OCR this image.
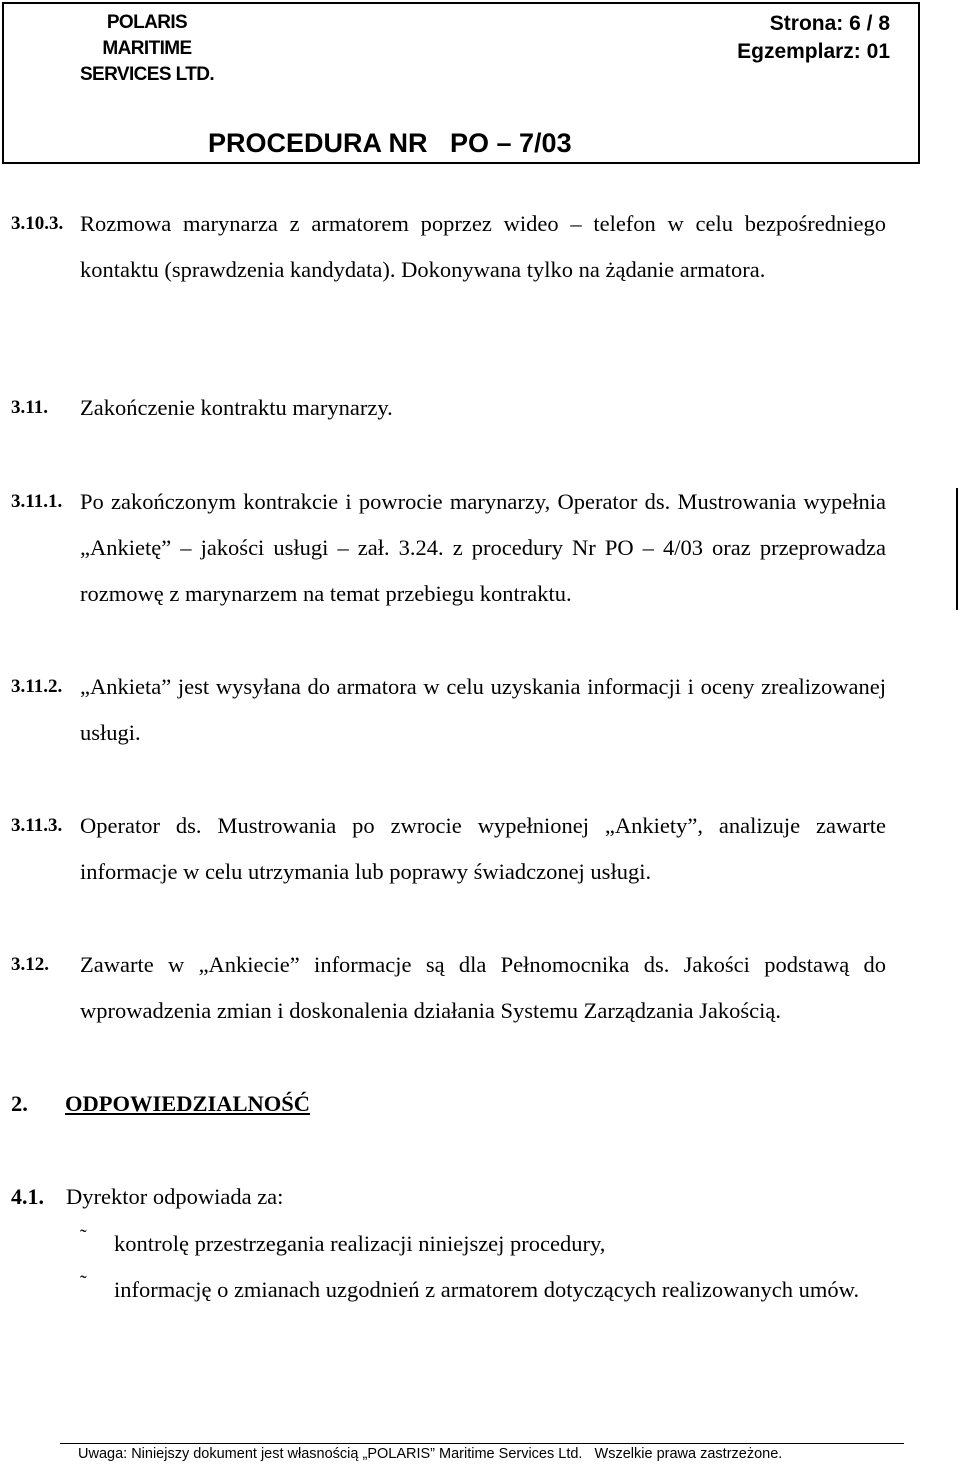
POLARIS
MARITIME
SERVICES LTD.
Strona: 6 / 8
Egzemplarz: 01
PROCEDURA NR   PO – 7/03
3.10.3. Rozmowa marynarza z armatorem poprzez wideo – telefon w celu bezpośredniego kontaktu (sprawdzenia kandydata). Dokonywana tylko na żądanie armatora.
3.11. Zakończenie kontraktu marynarzy.
3.11.1. Po zakończonym kontrakcie i powrocie marynarzy, Operator ds. Mustrowania wypełnia „Ankietę” – jakości usługi – zał. 3.24. z procedury Nr PO – 4/03 oraz przeprowadza rozmowę z marynarzem na temat przebiegu kontraktu.
3.11.2. „Ankieta” jest wysyłana do armatora w celu uzyskania informacji i oceny zrealizowanej usługi.
3.11.3. Operator ds. Mustrowania po zwrocie wypełnionej „Ankiety”, analizuje zawarte informacje w celu utrzymania lub poprawy świadczonej usługi.
3.12. Zawarte w „Ankiecie” informacje są dla Pełnomocnika ds. Jakości podstawą do wprowadzenia zmian i doskonalenia działania Systemu Zarządzania Jakością.
2. ODPOWIEDZIALNOŚĆ
4.1. Dyrektor odpowiada za:
˜ kontrolę przestrzegania realizacji niniejszej procedury,
˜ informację o zmianach uzgodnień z armatorem dotyczących realizowanych umów.
Uwaga: Niniejszy dokument jest własnością „POLARIS” Maritime Services Ltd.   Wszelkie prawa zastrzeżone.
